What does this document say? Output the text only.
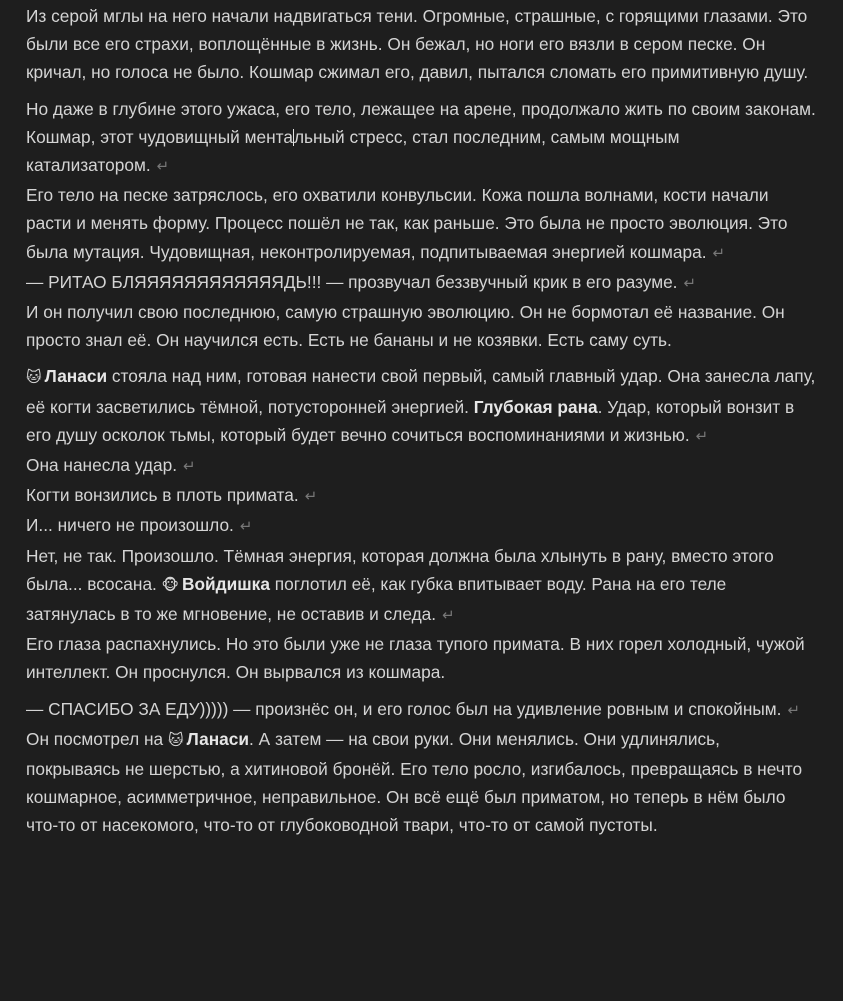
Из серой мглы на него начали надвигаться тени. Огромные, страшные, с горящими глазами. Это были все его страхи, воплощённые в жизнь. Он бежал, но ноги его вязли в сером песке. Он кричал, но голоса не было. Кошмар сжимал его, давил, пытался сломать его примитивную душу.

Но даже в глубине этого ужаса, его тело, лежащее на арене, продолжало жить по своим законам. Кошмар, этот чудовищный ментальный стресс, стал последним, самым мощным катализатором. ↵

Его тело на песке затряслось, его охватили конвульсии. Кожа пошла волнами, кости начали расти и менять форму. Процесс пошёл не так, как раньше. Это была не просто эволюция. Это была мутация. Чудовищная, неконтролируемая, подпитываемая энергией кошмара. ↵

— РИТАО БЛЯЯЯЯЯЯЯЯЯЯЯЯДЬ!!! — прозвучал беззвучный крик в его разуме. ↵

И он получил свою последнюю, самую страшную эволюцию. Он не бормотал её название. Он просто знал её. Он научился есть. Есть не бананы и не козявки. Есть саму суть.

🐱 Ланаси стояла над ним, готовая нанести свой первый, самый главный удар. Она занесла лапу, её когти засветились тёмной, потусторонней энергией. Глубокая рана. Удар, который вонзит в его душу осколок тьмы, который будет вечно сочиться воспоминаниями и жизнью. ↵

Она нанесла удар. ↵

Когти вонзились в плоть примата. ↵

И... ничего не произошло. ↵

Нет, не так. Произошло. Тёмная энергия, которая должна была хлынуть в рану, вместо этого была... всосана. 🐵 Войдишка поглотил её, как губка впитывает воду. Рана на его теле затянулась в то же мгновение, не оставив и следа. ↵

Его глаза распахнулись. Но это были уже не глаза тупого примата. В них горел холодный, чужой интеллект. Он проснулся. Он вырвался из кошмара.

— СПАСИБО ЗА ЕДУ))))) — произнёс он, и его голос был на удивление ровным и спокойным. ↵

Он посмотрел на 🐱 Ланаси. А затем — на свои руки. Они менялись. Они удлинялись, покрываясь не шерстью, а хитиновой бронёй. Его тело росло, изгибалось, превращаясь в нечто кошмарное, асимметричное, неправильное. Он всё ещё был приматом, но теперь в нём было что-то от насекомого, что-то от глубоководной твари, что-то от самой пустоты.
